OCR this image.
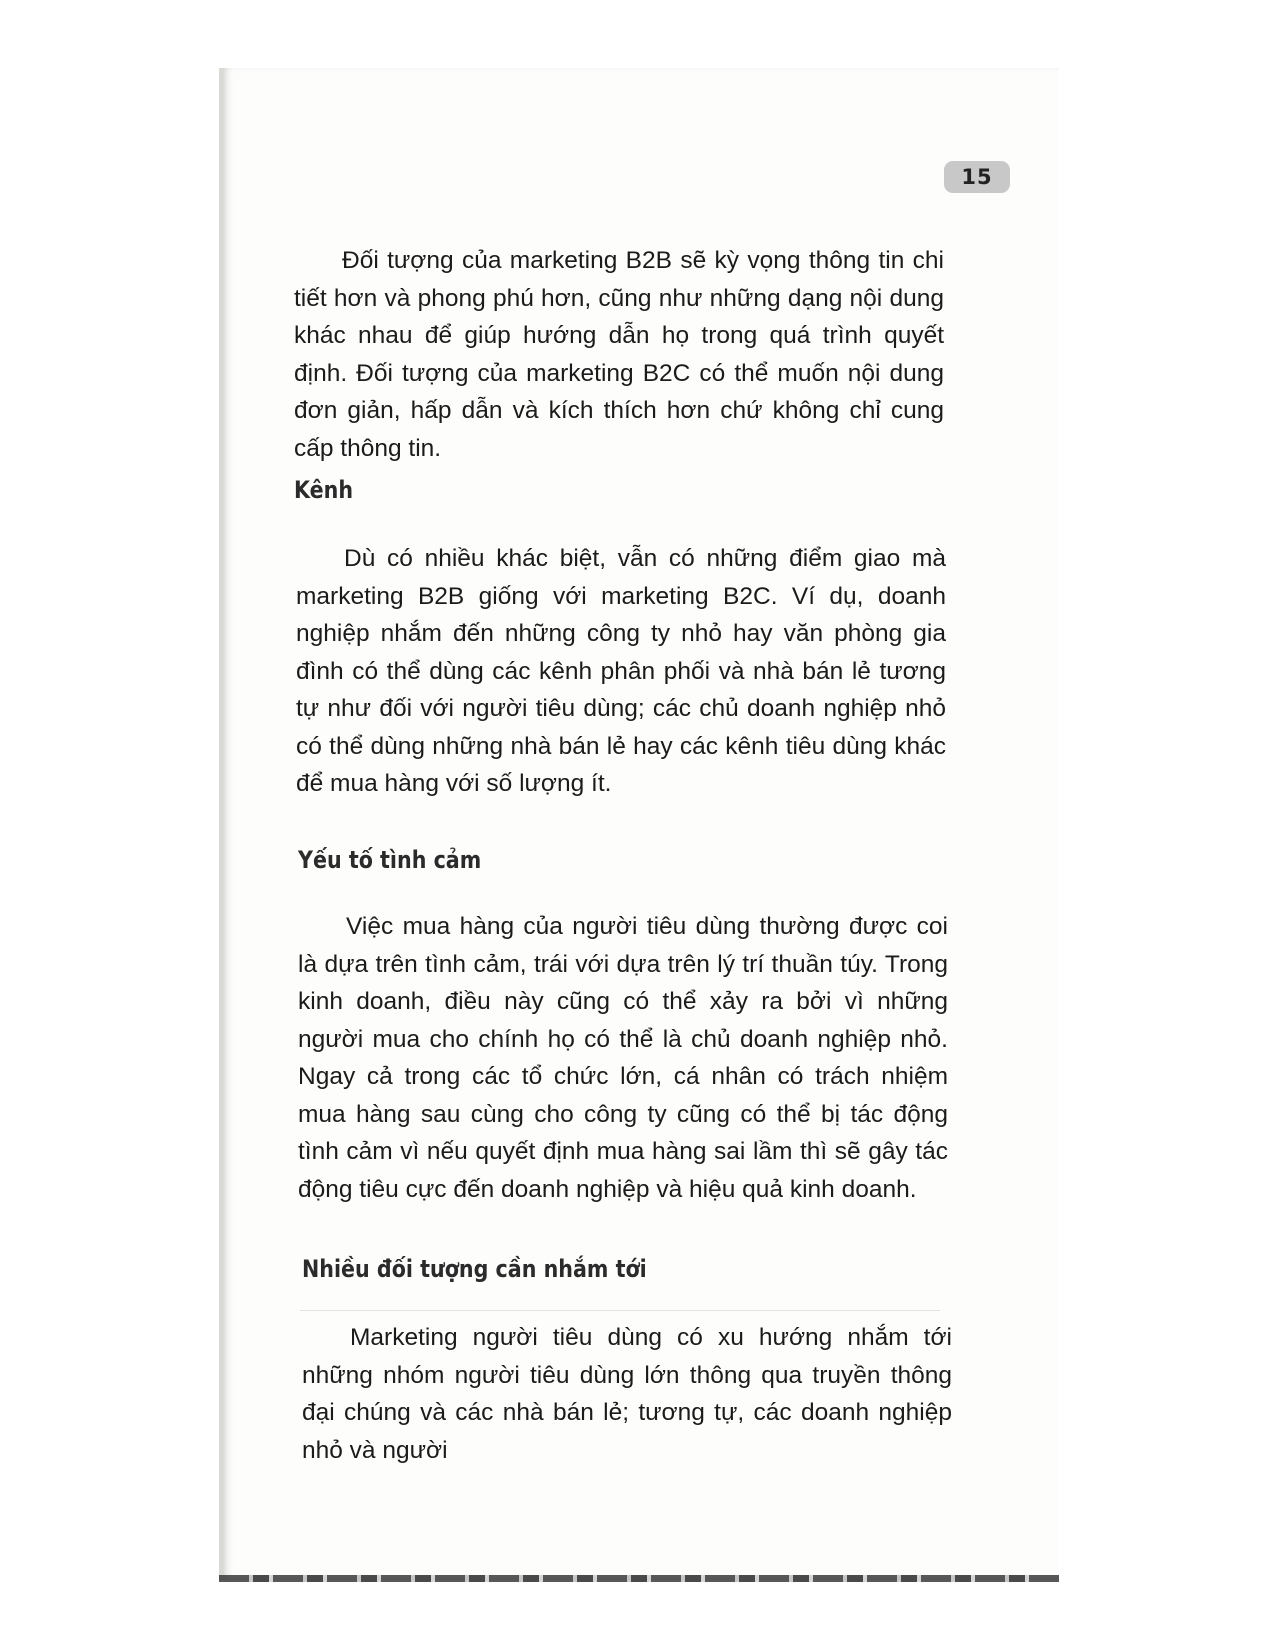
15

Đối tượng của marketing B2B sẽ kỳ vọng thông tin chi tiết hơn và phong phú hơn, cũng như những dạng nội dung khác nhau để giúp hướng dẫn họ trong quá trình quyết định. Đối tượng của marketing B2C có thể muốn nội dung đơn giản, hấp dẫn và kích thích hơn chứ không chỉ cung cấp thông tin.

Kênh

Dù có nhiều khác biệt, vẫn có những điểm giao mà marketing B2B giống với marketing B2C. Ví dụ, doanh nghiệp nhắm đến những công ty nhỏ hay văn phòng gia đình có thể dùng các kênh phân phối và nhà bán lẻ tương tự như đối với người tiêu dùng; các chủ doanh nghiệp nhỏ có thể dùng những nhà bán lẻ hay các kênh tiêu dùng khác để mua hàng với số lượng ít.

Yếu tố tình cảm

Việc mua hàng của người tiêu dùng thường được coi là dựa trên tình cảm, trái với dựa trên lý trí thuần túy. Trong kinh doanh, điều này cũng có thể xảy ra bởi vì những người mua cho chính họ có thể là chủ doanh nghiệp nhỏ. Ngay cả trong các tổ chức lớn, cá nhân có trách nhiệm mua hàng sau cùng cho công ty cũng có thể bị tác động tình cảm vì nếu quyết định mua hàng sai lầm thì sẽ gây tác động tiêu cực đến doanh nghiệp và hiệu quả kinh doanh.

Nhiều đối tượng cần nhắm tới

Marketing người tiêu dùng có xu hướng nhắm tới những nhóm người tiêu dùng lớn thông qua truyền thông đại chúng và các nhà bán lẻ; tương tự, các doanh nghiệp nhỏ và người
